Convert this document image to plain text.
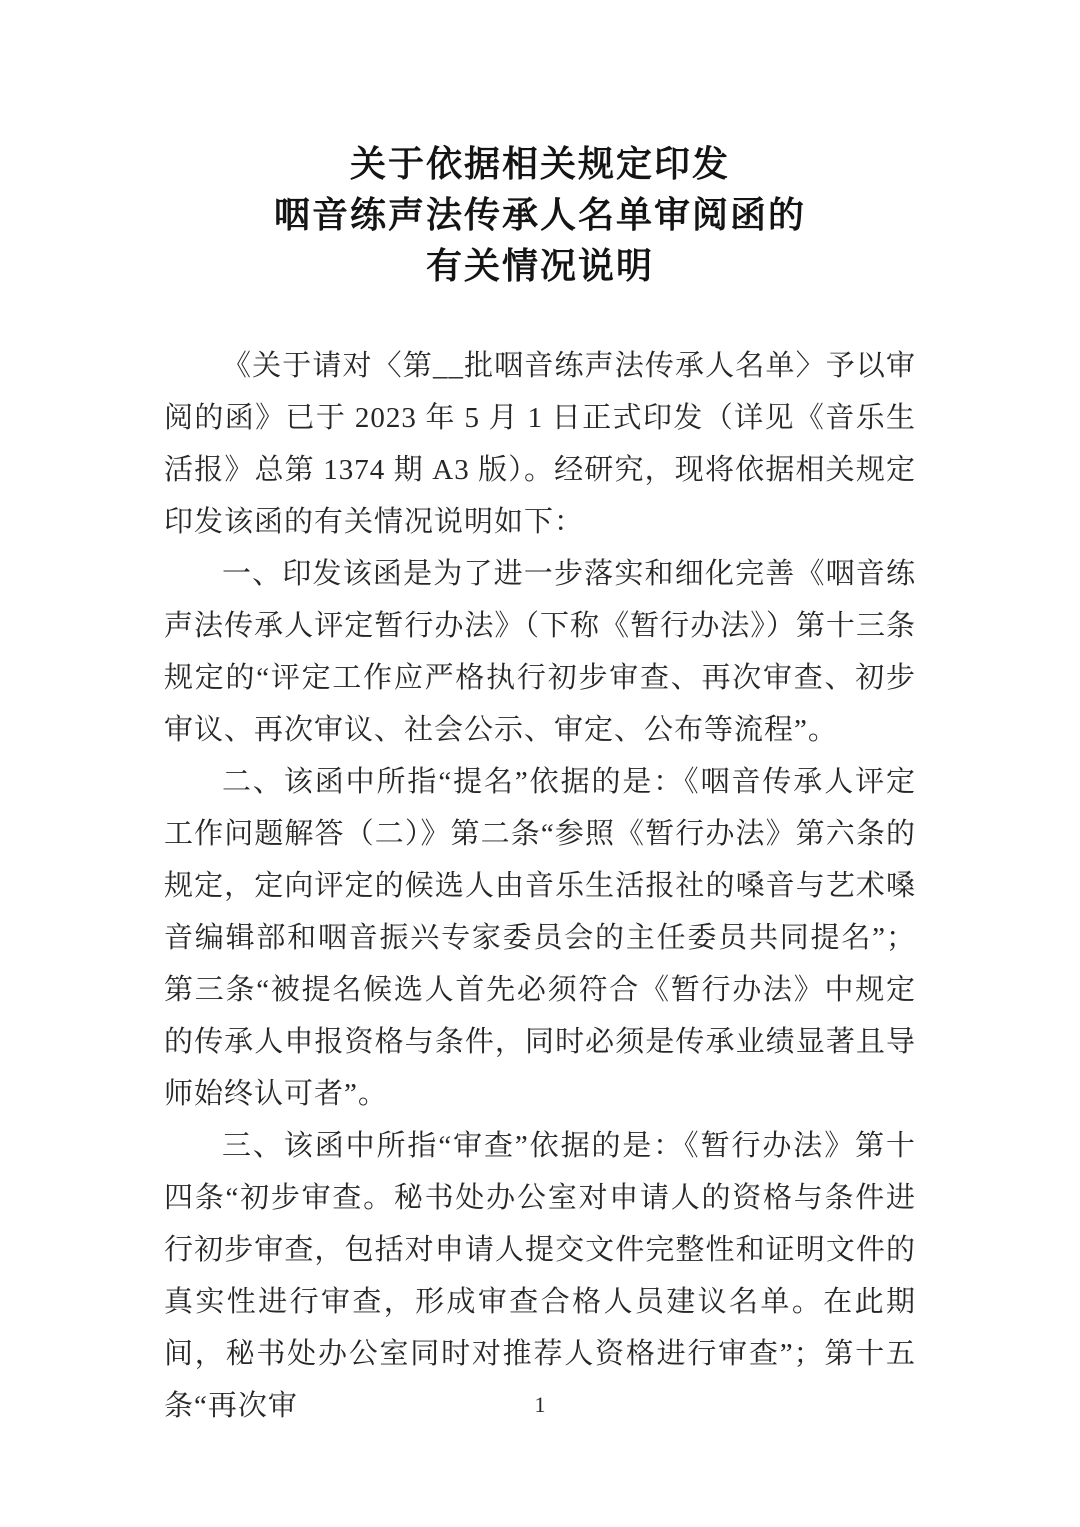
关于依据相关规定印发
咽音练声法传承人名单审阅函的
有关情况说明

《关于请对〈第__批咽音练声法传承人名单〉予以审阅的函》已于 2023 年 5 月 1 日正式印发（详见《音乐生活报》总第 1374 期 A3 版）。经研究，现将依据相关规定印发该函的有关情况说明如下：

一、印发该函是为了进一步落实和细化完善《咽音练声法传承人评定暂行办法》（下称《暂行办法》）第十三条规定的“评定工作应严格执行初步审查、再次审查、初步审议、再次审议、社会公示、审定、公布等流程”。

二、该函中所指“提名”依据的是：《咽音传承人评定工作问题解答（二）》第二条“参照《暂行办法》第六条的规定，定向评定的候选人由音乐生活报社的嗓音与艺术嗓音编辑部和咽音振兴专家委员会的主任委员共同提名”；第三条“被提名候选人首先必须符合《暂行办法》中规定的传承人申报资格与条件，同时必须是传承业绩显著且导师始终认可者”。

三、该函中所指“审查”依据的是：《暂行办法》第十四条“初步审查。秘书处办公室对申请人的资格与条件进行初步审查，包括对申请人提交文件完整性和证明文件的真实性进行审查，形成审查合格人员建议名单。在此期间，秘书处办公室同时对推荐人资格进行审查”；第十五条“再次审	1
